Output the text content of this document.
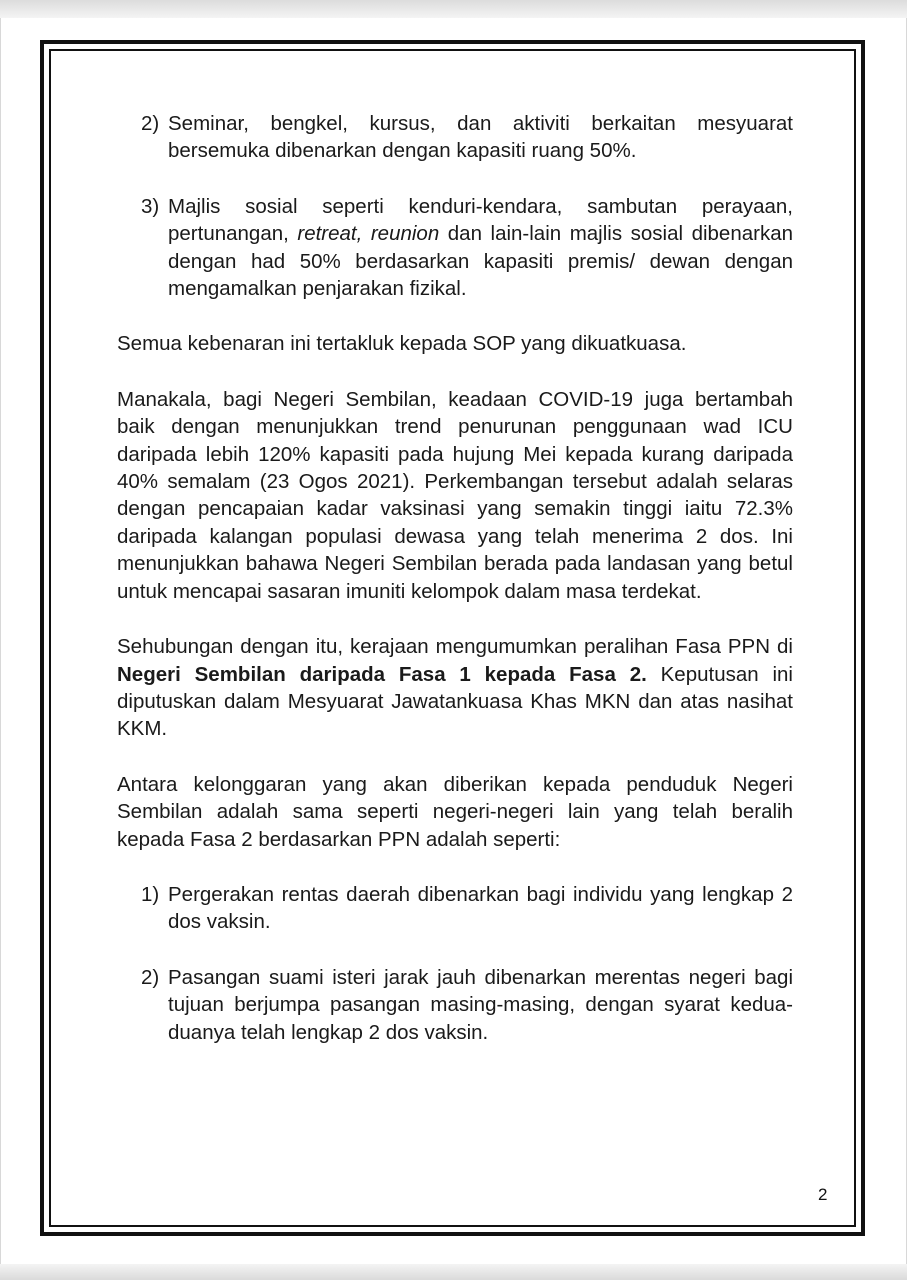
2) Seminar, bengkel, kursus, dan aktiviti berkaitan mesyuarat bersemuka dibenarkan dengan kapasiti ruang 50%.
3) Majlis sosial seperti kenduri-kendara, sambutan perayaan, pertunangan, retreat, reunion dan lain-lain majlis sosial dibenarkan dengan had 50% berdasarkan kapasiti premis/ dewan dengan mengamalkan penjarakan fizikal.
Semua kebenaran ini tertakluk kepada SOP yang dikuatkuasa.
Manakala, bagi Negeri Sembilan, keadaan COVID-19 juga bertambah baik dengan menunjukkan trend penurunan penggunaan wad ICU daripada lebih 120% kapasiti pada hujung Mei kepada kurang daripada 40% semalam (23 Ogos 2021). Perkembangan tersebut adalah selaras dengan pencapaian kadar vaksinasi yang semakin tinggi iaitu 72.3% daripada kalangan populasi dewasa yang telah menerima 2 dos. Ini menunjukkan bahawa Negeri Sembilan berada pada landasan yang betul untuk mencapai sasaran imuniti kelompok dalam masa terdekat.
Sehubungan dengan itu, kerajaan mengumumkan peralihan Fasa PPN di Negeri Sembilan daripada Fasa 1 kepada Fasa 2. Keputusan ini diputuskan dalam Mesyuarat Jawatankuasa Khas MKN dan atas nasihat KKM.
Antara kelonggaran yang akan diberikan kepada penduduk Negeri Sembilan adalah sama seperti negeri-negeri lain yang telah beralih kepada Fasa 2 berdasarkan PPN adalah seperti:
1) Pergerakan rentas daerah dibenarkan bagi individu yang lengkap 2 dos vaksin.
2) Pasangan suami isteri jarak jauh dibenarkan merentas negeri bagi tujuan berjumpa pasangan masing-masing, dengan syarat kedua-duanya telah lengkap 2 dos vaksin.
2
